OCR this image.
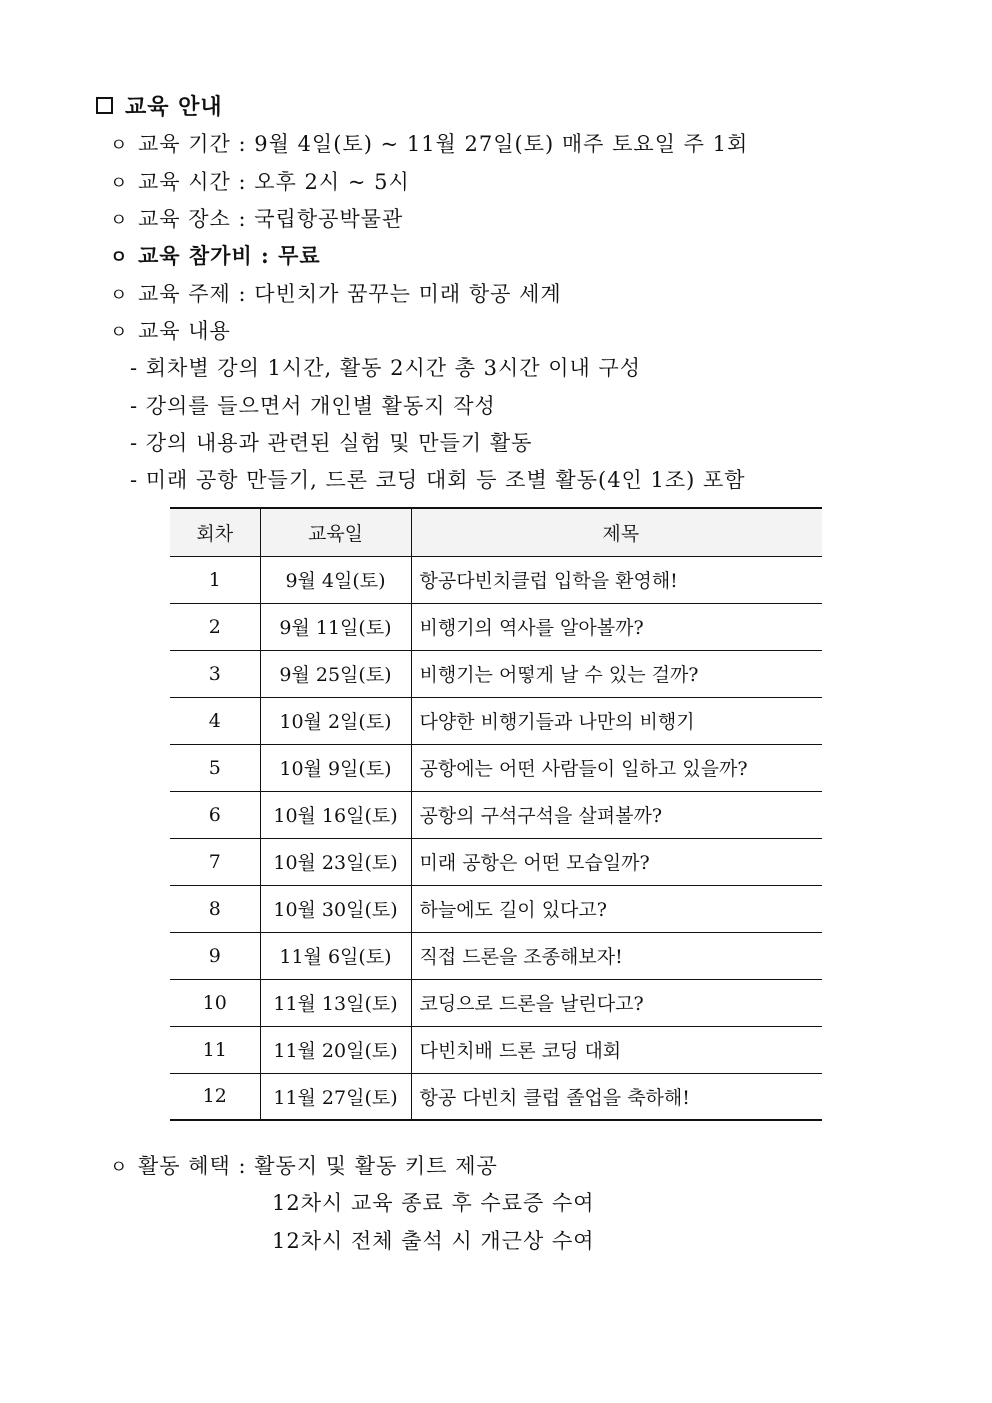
교육 안내
ㅇ 교육 기간 : 9월 4일(토) ~ 11월 27일(토) 매주 토요일 주 1회
ㅇ 교육 시간 : 오후 2시 ~ 5시
ㅇ 교육 장소 : 국립항공박물관
ㅇ 교육 참가비 : 무료
ㅇ 교육 주제 : 다빈치가 꿈꾸는 미래 항공 세계
ㅇ 교육 내용
- 회차별 강의 1시간, 활동 2시간 총 3시간 이내 구성
- 강의를 들으면서 개인별 활동지 작성
- 강의 내용과 관련된 실험 및 만들기 활동
- 미래 공항 만들기, 드론 코딩 대회 등 조별 활동(4인 1조) 포함
회차	교육일	제목
1	9월 4일(토)	항공다빈치클럽 입학을 환영해!
2	9월 11일(토)	비행기의 역사를 알아볼까?
3	9월 25일(토)	비행기는 어떻게 날 수 있는 걸까?
4	10월 2일(토)	다양한 비행기들과 나만의 비행기
5	10월 9일(토)	공항에는 어떤 사람들이 일하고 있을까?
6	10월 16일(토)	공항의 구석구석을 살펴볼까?
7	10월 23일(토)	미래 공항은 어떤 모습일까?
8	10월 30일(토)	하늘에도 길이 있다고?
9	11월 6일(토)	직접 드론을 조종해보자!
10	11월 13일(토)	코딩으로 드론을 날린다고?
11	11월 20일(토)	다빈치배 드론 코딩 대회
12	11월 27일(토)	항공 다빈치 클럽 졸업을 축하해!
ㅇ 활동 혜택 : 활동지 및 활동 키트 제공
12차시 교육 종료 후 수료증 수여
12차시 전체 출석 시 개근상 수여
